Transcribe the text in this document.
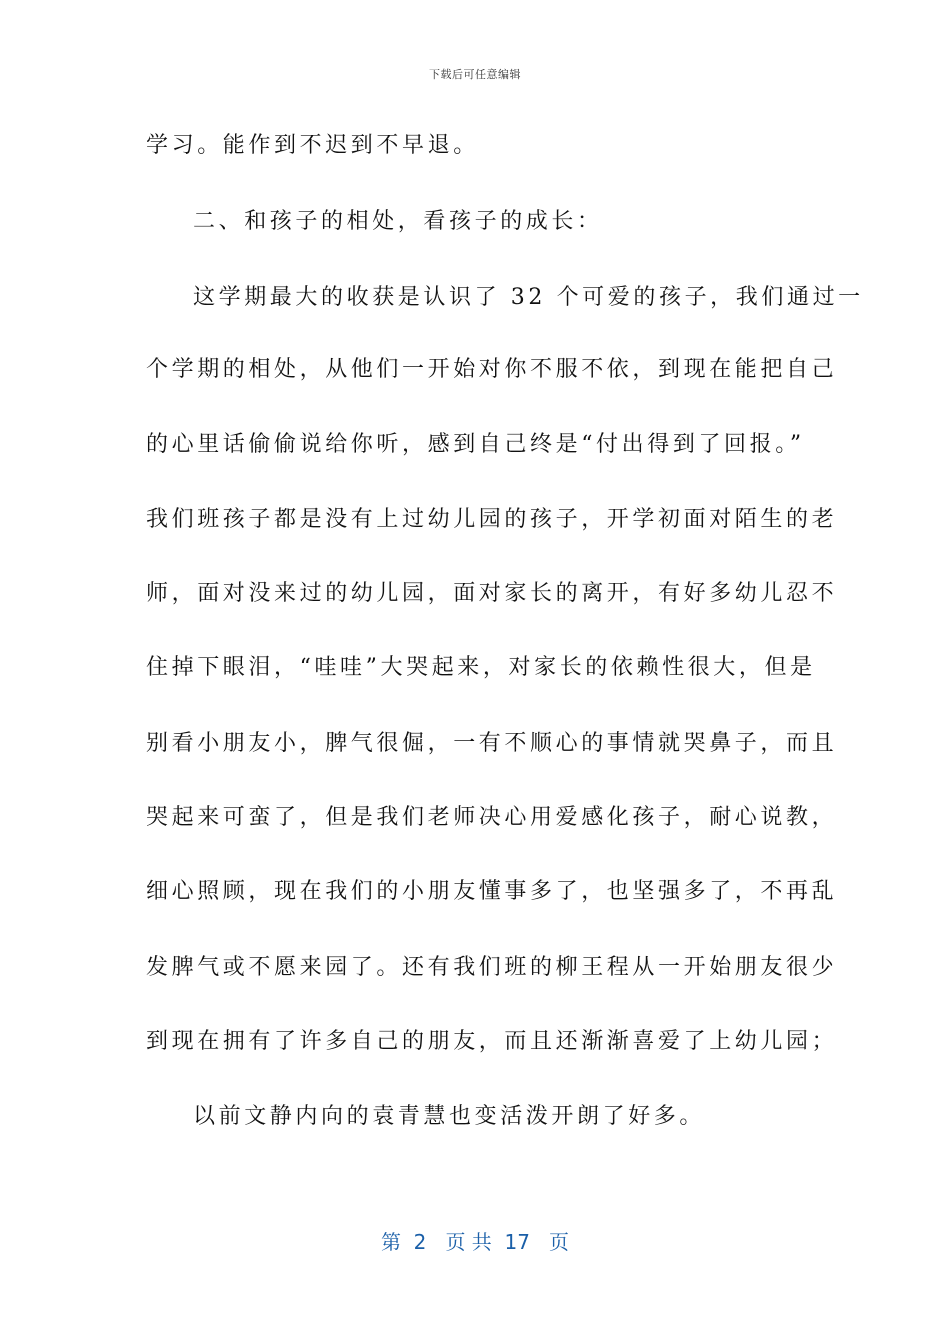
下载后可任意编辑
学习。能作到不迟到不早退。
二、和孩子的相处，看孩子的成长：
这学期最大的收获是认识了 32 个可爱的孩子，我们通过一
个学期的相处，从他们一开始对你不服不依，到现在能把自己
的心里话偷偷说给你听，感到自己终是“付出得到了回报。”
我们班孩子都是没有上过幼儿园的孩子，开学初面对陌生的老
师，面对没来过的幼儿园，面对家长的离开，有好多幼儿忍不
住掉下眼泪，“哇哇”大哭起来，对家长的依赖性很大，但是
别看小朋友小，脾气很倔，一有不顺心的事情就哭鼻子，而且
哭起来可蛮了，但是我们老师决心用爱感化孩子，耐心说教，
细心照顾，现在我们的小朋友懂事多了，也坚强多了，不再乱
发脾气或不愿来园了。还有我们班的柳王程从一开始朋友很少
到现在拥有了许多自己的朋友，而且还渐渐喜爱了上幼儿园；
以前文静内向的袁青慧也变活泼开朗了好多。
第  2   页 共  17   页
